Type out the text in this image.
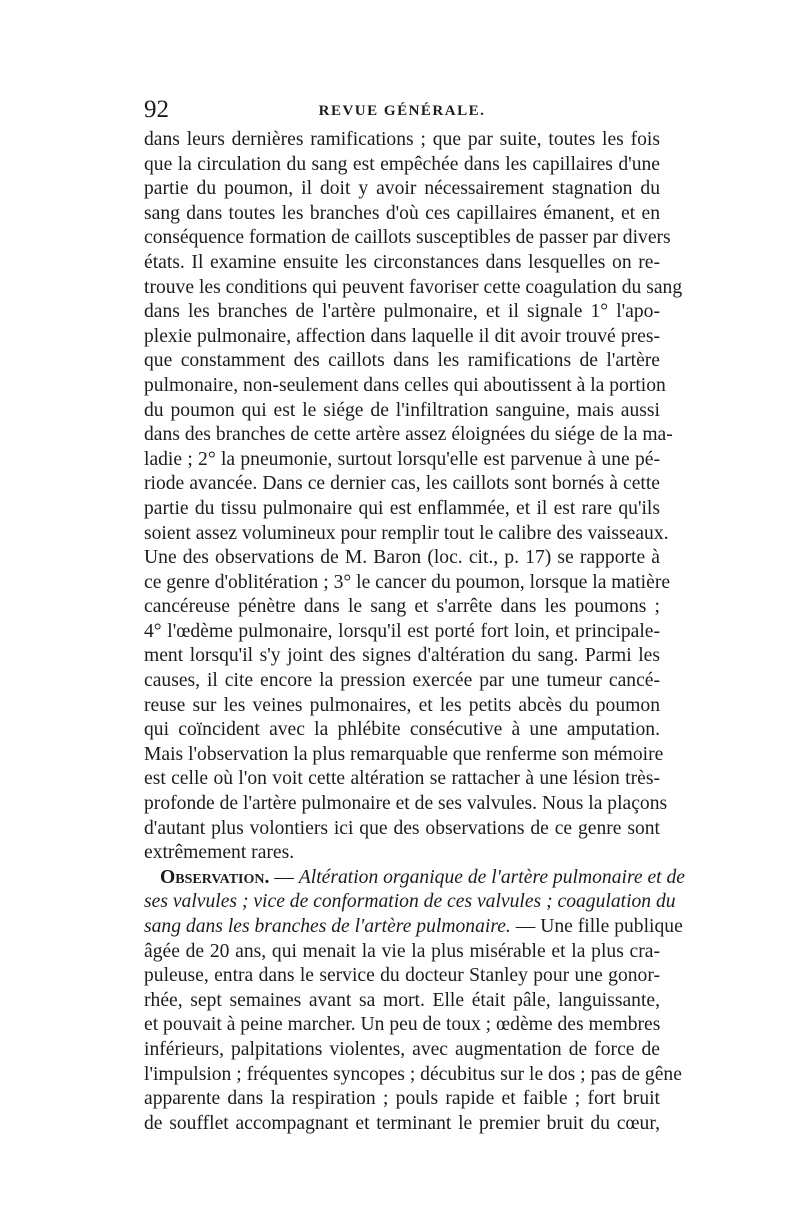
92	REVUE GÉNÉRALE.
dans leurs dernières ramifications ; que par suite, toutes les fois
que la circulation du sang est empêchée dans les capillaires d'une
partie du poumon, il doit y avoir nécessairement stagnation du
sang dans toutes les branches d'où ces capillaires émanent, et en
conséquence formation de caillots susceptibles de passer par divers
états. Il examine ensuite les circonstances dans lesquelles on re-
trouve les conditions qui peuvent favoriser cette coagulation du sang
dans les branches de l'artère pulmonaire, et il signale 1° l'apo-
plexie pulmonaire, affection dans laquelle il dit avoir trouvé pres-
que constamment des caillots dans les ramifications de l'artère
pulmonaire, non-seulement dans celles qui aboutissent à la portion
du poumon qui est le siége de l'infiltration sanguine, mais aussi
dans des branches de cette artère assez éloignées du siége de la ma-
ladie ; 2° la pneumonie, surtout lorsqu'elle est parvenue à une pé-
riode avancée. Dans ce dernier cas, les caillots sont bornés à cette
partie du tissu pulmonaire qui est enflammée, et il est rare qu'ils
soient assez volumineux pour remplir tout le calibre des vaisseaux.
Une des observations de M. Baron (loc. cit., p. 17) se rapporte à
ce genre d'oblitération ; 3° le cancer du poumon, lorsque la matière
cancéreuse pénètre dans le sang et s'arrête dans les poumons ;
4° l'œdème pulmonaire, lorsqu'il est porté fort loin, et principale-
ment lorsqu'il s'y joint des signes d'altération du sang. Parmi les
causes, il cite encore la pression exercée par une tumeur cancé-
reuse sur les veines pulmonaires, et les petits abcès du poumon
qui coïncident avec la phlébite consécutive à une amputation.
Mais l'observation la plus remarquable que renferme son mémoire
est celle où l'on voit cette altération se rattacher à une lésion très-
profonde de l'artère pulmonaire et de ses valvules. Nous la plaçons
d'autant plus volontiers ici que des observations de ce genre sont
extrêmement rares.
Observation. — Altération organique de l'artère pulmonaire et de
ses valvules ; vice de conformation de ces valvules ; coagulation du
sang dans les branches de l'artère pulmonaire. — Une fille publique
âgée de 20 ans, qui menait la vie la plus misérable et la plus cra-
puleuse, entra dans le service du docteur Stanley pour une gonor-
rhée, sept semaines avant sa mort. Elle était pâle, languissante,
et pouvait à peine marcher. Un peu de toux ; œdème des membres
inférieurs, palpitations violentes, avec augmentation de force de
l'impulsion ; fréquentes syncopes ; décubitus sur le dos ; pas de gêne
apparente dans la respiration ; pouls rapide et faible ; fort bruit
de soufflet accompagnant et terminant le premier bruit du cœur,
